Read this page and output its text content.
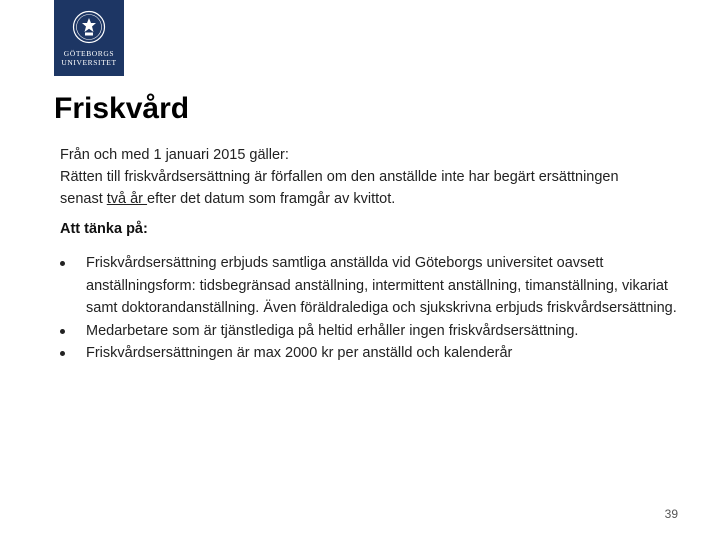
GÖTEBORGS
UNIVERSITET
Friskvård
Från och med 1 januari 2015 gäller:
Rätten till friskvårdsersättning är förfallen om den anställde inte har begärt ersättningen
senast två år efter det datum som framgår av kvittot.
Att tänka på:
Friskvårdsersättning erbjuds samtliga anställda vid Göteborgs universitet oavsett anställningsform: tidsbegränsad anställning, intermittent anställning, timanställning, vikariat samt doktorandanställning. Även föräldralediga och sjukskrivna erbjuds friskvårdsersättning.
Medarbetare som är tjänstlediga på heltid erhåller ingen friskvårdsersättning.
Friskvårdsersättningen är max 2000 kr per anställd och kalenderår
39
